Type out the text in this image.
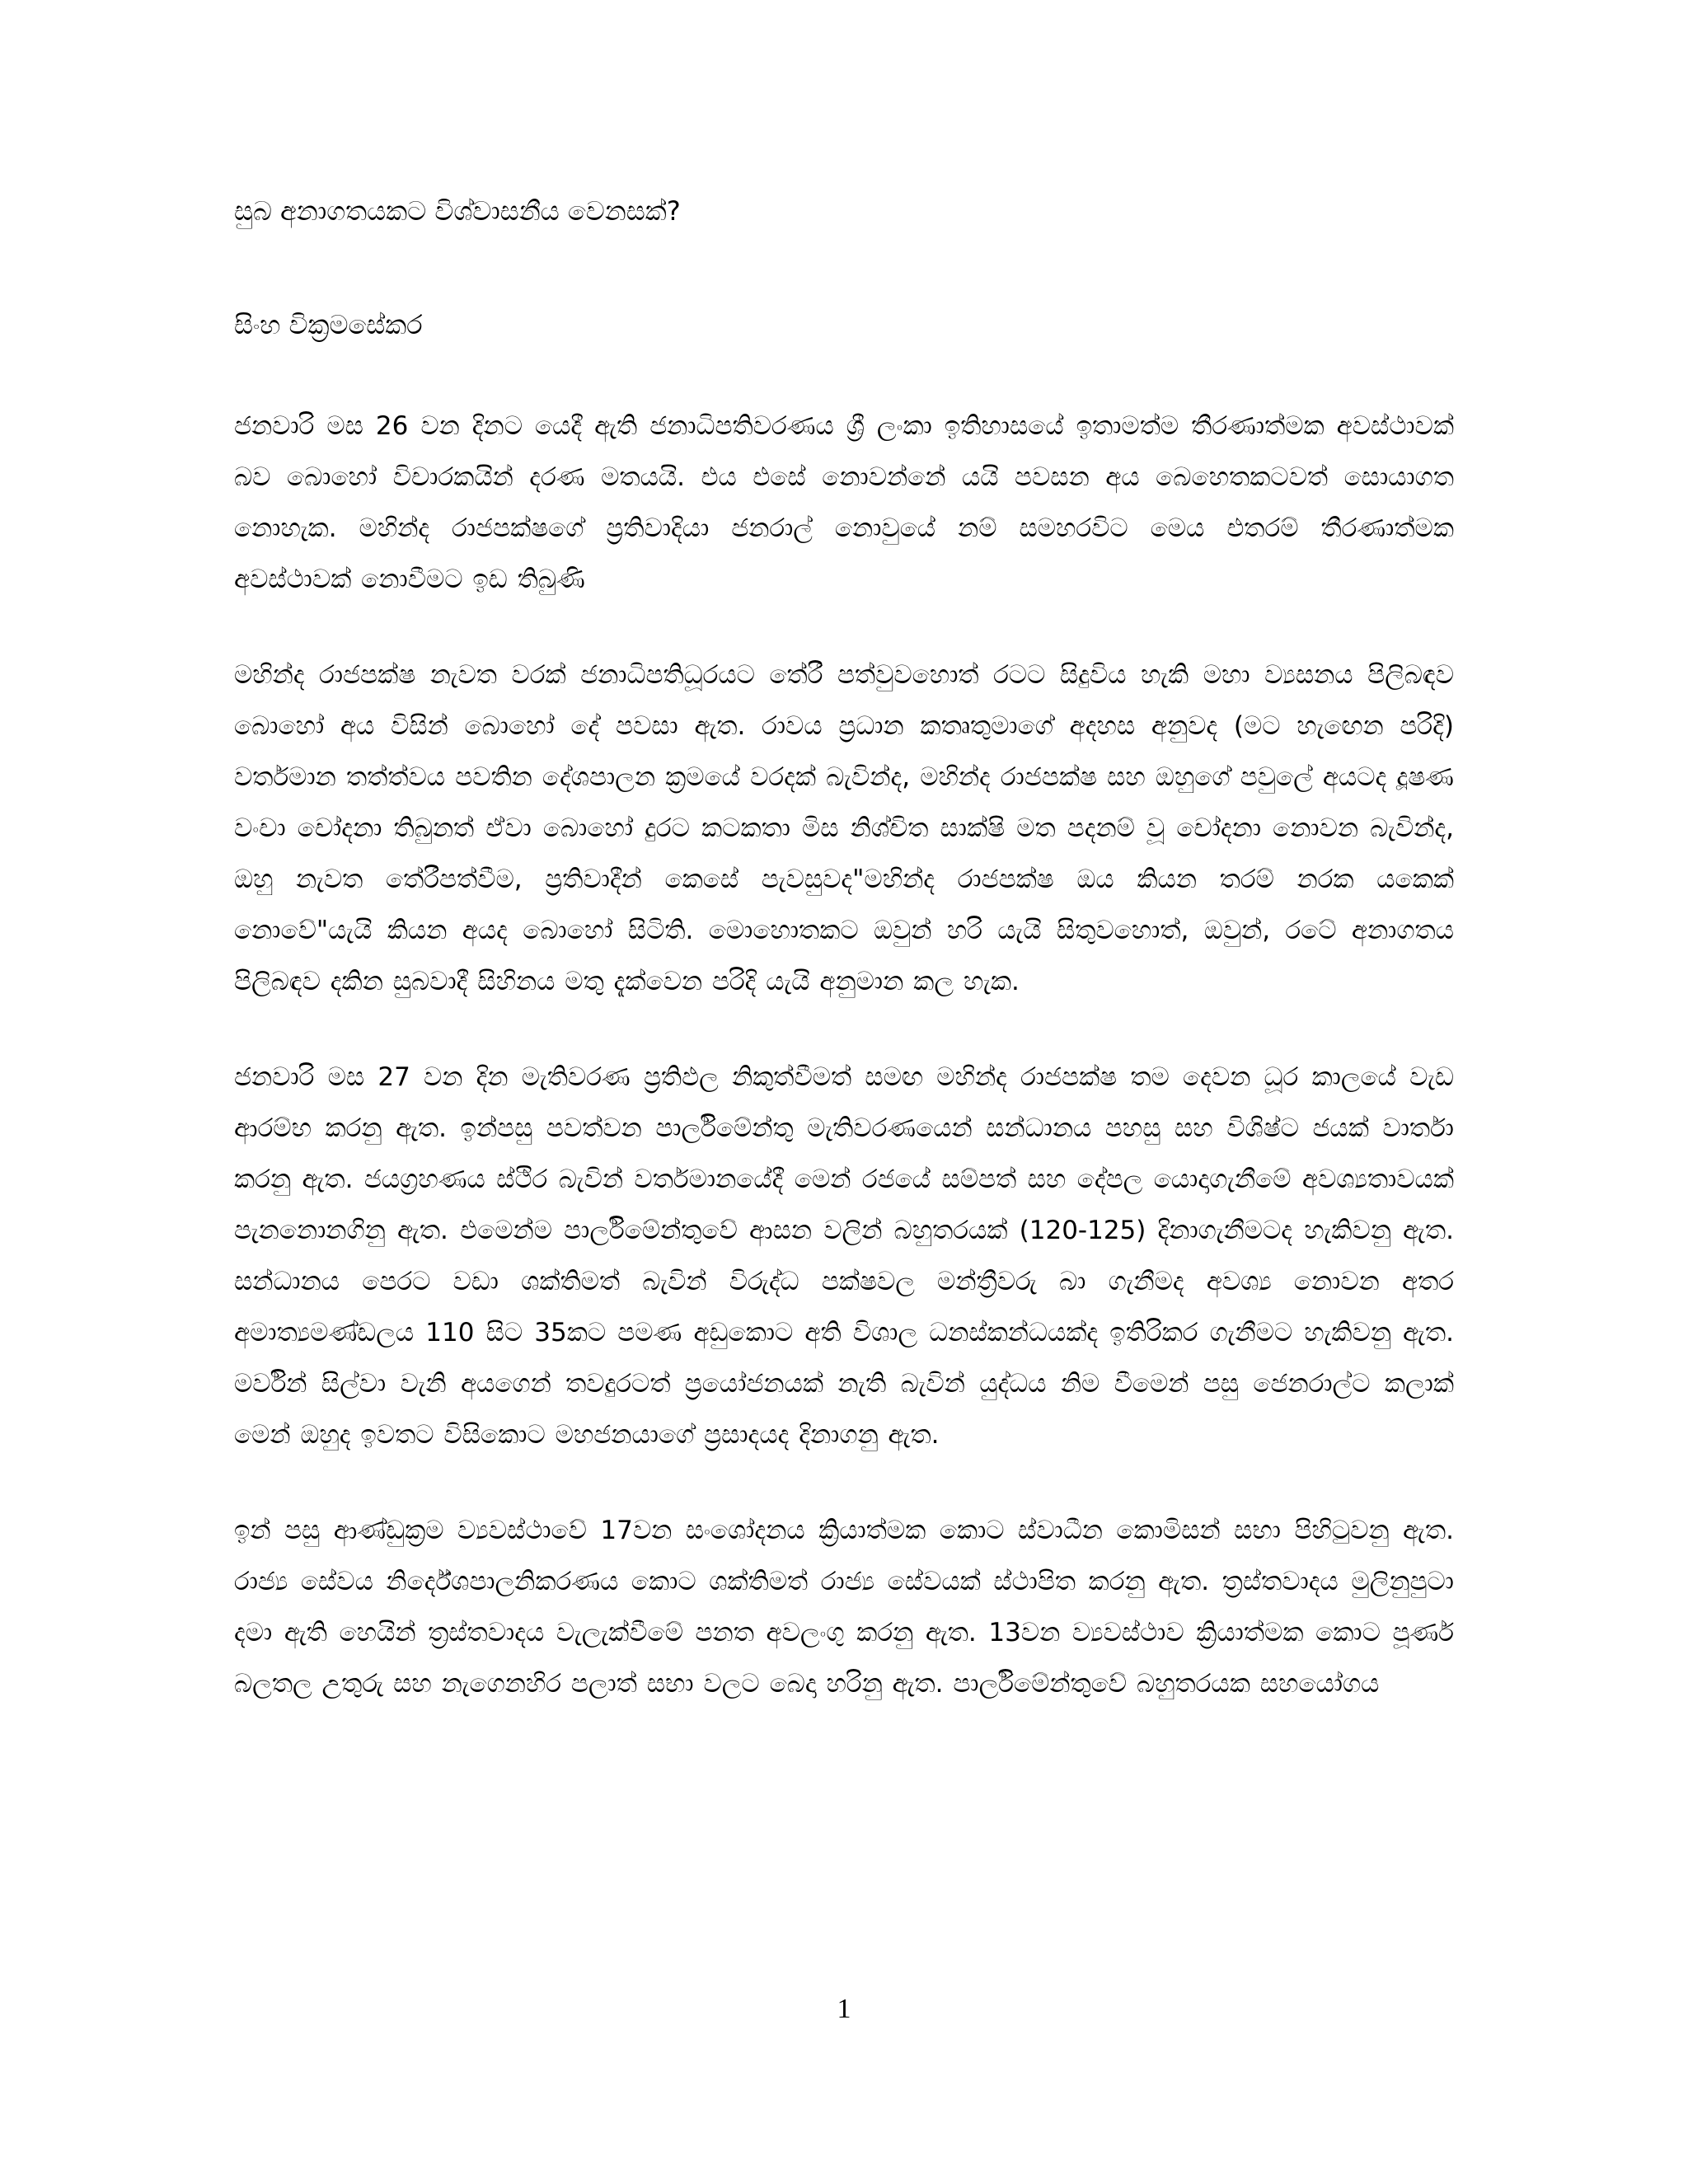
සුබ අනාගතයකට විශ්වාසනීය වෙනසක්?

සිංහ වික්‍රමසේකර

ජනවාරි මස 26 වන දිනට යෙදී ඇති ජනාධිපතිවරණය ශ්‍රී ලංකා ඉතිහාසයේ ඉතාමත්ම තීරණාත්මක අවස්ථාවක් බව බොහෝ විචාරකයින් දරණ මතයයි. එය එසේ නොවන්නේ යයි පවසන අය බෙහෙතකටවත් සොයාගත නොහැක. මහින්ද රාජපක්ෂගේ ප්‍රතිවාදියා ජනරාල් නොවුයේ නම් සමහරවිට මෙය එතරම් තීරණාත්මක අවස්ථාවක් නොවීමට ඉඩ තිබුණි

මහින්ද රාජපක්ෂ නැවත වරක් ජනාධිපතිධූරයට තේරී පත්වුවහොත් රටට සිදුවිය හැකි මහා ව්‍යසනය පිලිබඳව බොහෝ අය විසින් බොහෝ දේ පවසා ඇත. රාවය ප්‍රධාන කතෘතුමාගේ අදහස අනුවද (මට හැඟෙන පරිදි) වර්තමාන තත්ත්වය පවතින දේශපාලන ක්‍රමයේ වරදක් බැවින්ද, මහින්ද රාජපක්ෂ සහ ඔහුගේ පවුලේ අයටද දූෂණ වංචා චෝදනා තිබුනත් ඒවා බොහෝ දුරට කටකතා මිස නිශ්චිත සාක්ෂි මත පදනම් වූ චෝදනා නොවන බැවින්ද, ඔහු නැවත තේරීපත්වීම, ප්‍රතිවාදීන් කෙසේ පැවසුවද"මහින්ද රාජපක්ෂ ඔය කියන තරම් නරක යකෙක් නොවේ"යැයි කියන අයද බොහෝ සිටිති. මොහොතකට ඔවුන් හරි යැයි සිතුවහොත්, ඔවුන්, රටේ අනාගතය පිලිබඳව දකින සුබවාදී සිහිනය මතු දැක්වෙන පරිදි යැයි අනුමාන කල හැක.

ජනවාරි මස 27 වන දින මැතිවරණ ප්‍රතිඵල නිකුත්වීමත් සමඟ මහින්ද රාජපක්ෂ තම දෙවන ධූර කාලයේ වැඩ ආරම්භ කරනු ඇත. ඉන්පසු පවත්වන පාර්ලිමේන්තු මැතිවරණයෙන් සන්ධානය පහසු සහ විශිෂ්ට ජයක් වාර්තා කරනු ඇත. ජයග්‍රහණය ස්ථිර බැවින් වර්තමානයේදී මෙන් රජයේ සම්පත් සහ දේපල යොදාගැනීමේ අවශ්‍යතාවයක් පැනනොනගිනු ඇත. එමෙන්ම පාර්ලිමේන්තුවේ ආසන වලින් බහුතරයක් (120-125) දිනාගැනීමටද හැකිවනු ඇත. සන්ධානය පෙරට වඩා ශක්තිමත් බැවින් විරුද්ධ පක්ෂවල මන්ත්‍රීවරු බා ගැනීමද අවශ්‍ය නොවන අතර අමාත්‍යමණ්ඩලය 110 සිට 35කට පමණ අඩුකොට අති විශාල ධනස්කන්ධයක්ද ඉතිරිකර ගැනීමට හැකිවනු ඇත. මර්වින් සිල්වා වැනි අයගෙන් තවදුරටත් ප්‍රයෝජනයක් නැති බැවින් යුද්ධය නිම වීමෙන් පසු ජෙනරාල්ට කලාක් මෙන් ඔහුද ඉවතට විසිකොට මහජනයාගේ ප්‍රසාදයද දිනාගනු ඇත.

ඉන් පසු ආණ්ඩුක්‍රම ව්‍යවස්ථාවේ 17වන සංශෝදනය ක්‍රියාත්මක කොට ස්වාධීන කොමිසන් සභා පිහිටුවනු ඇත. රාජ්‍ය සේවය නිර්දේශපාලනිකරණය කොට ශක්තිමත් රාජ්‍ය සේවයක් ස්ථාපිත කරනු ඇත. ත්‍රස්තවාදය මුලිනුපුටා දමා ඇති හෙයින් ත්‍රස්තවාදය වැලැක්වීමේ පනත අවලංගු කරනු ඇත. 13වන ව්‍යවස්ථාව ක්‍රියාත්මක කොට පූර්ණ බලතල උතුරු සහ නැගෙනහිර පලාත් සභා වලට බෙදා හරිනු ඇත. පාර්ලිමේන්තුවේ බහුතරයක සහයෝගය

1
